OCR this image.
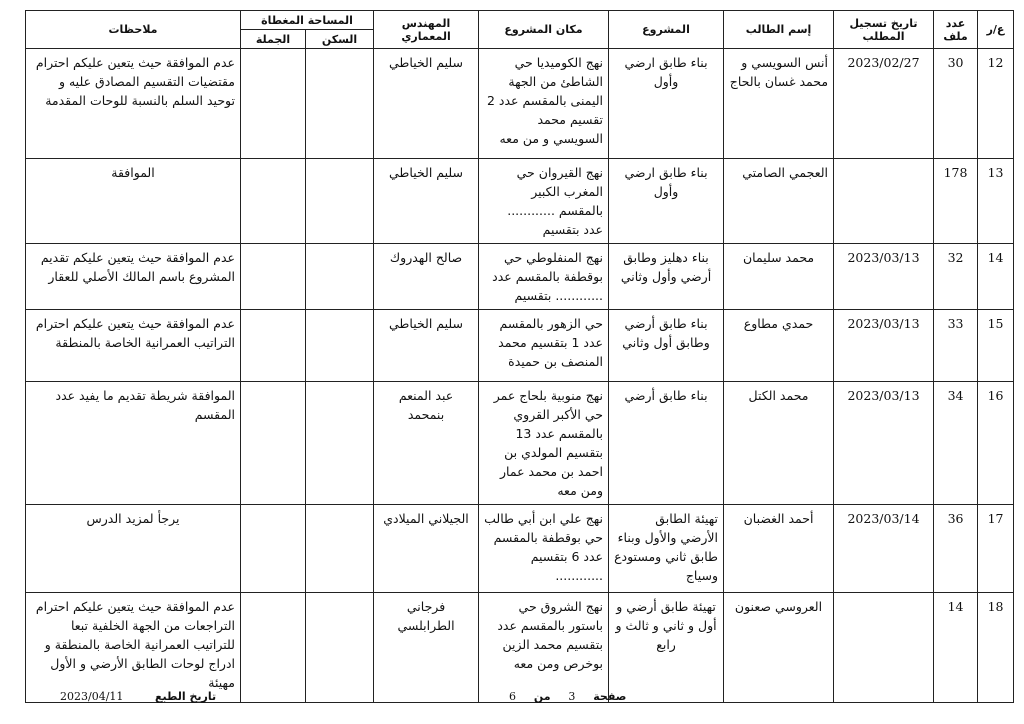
ع/ر	عدد ملف	تاريخ تسجيل المطلب	إسم الطالب	المشروع	مكان المشروع	المهندس المعماري	المساحة المغطاة		ملاحظات
							السكن	الجملة	
12	30	2023/02/27	أنس السويسي و محمد غسان بالحاج	بناء طابق ارضي وأول	نهج الكوميديا حي الشاطئ من الجهة اليمنى بالمقسم عدد 2 تقسيم محمد السويسي و من معه	سليم الخياطي			عدم الموافقة حيث يتعين عليكم احترام مقتضيات التقسيم المصادق عليه و توحيد السلم بالنسبة للوحات المقدمة
13	178		العجمي الصامتي	بناء طابق ارضي وأول	نهج القيروان حي المغرب الكبير بالمقسم ............ عدد بتقسيم	سليم الخياطي			الموافقة
14	32	2023/03/13	محمد سليمان	بناء دهليز وطابق أرضي وأول وثاني	نهج المنفلوطي حي بوقطفة بالمقسم عدد ............ بتقسيم	صالح الهدروك			عدم الموافقة حيث يتعين عليكم تقديم المشروع باسم المالك الأصلي للعقار
15	33	2023/03/13	حمدي مطاوع	بناء طابق أرضي وطابق أول وثاني	حي الزهور بالمقسم عدد 1 بتقسيم محمد المنصف بن حميدة	سليم الخياطي			عدم الموافقة حيث يتعين عليكم احترام التراتيب العمرانية الخاصة بالمنطقة
16	34	2023/03/13	محمد الكتل	بناء طابق أرضي	نهج منوبية بلحاج عمر حي الأكبر القروي بالمقسم عدد 13 بتقسيم المولدي بن احمد بن محمد عمار ومن معه	عبد المنعم بنمحمد			الموافقة شريطة تقديم ما يفيد عدد المقسم
17	36	2023/03/14	أحمد الغضبان	تهيئة الطابق الأرضي والأول وبناء طابق ثاني ومستودع وسياج	نهج علي ابن أبي طالب حي بوقطفة بالمقسم عدد 6 بتقسيم ............	الجيلاني الميلادي			يرجأ لمزيد الدرس
18	14		العروسي صعنون	تهيئة طابق أرضي و أول و ثاني و ثالث و رابع	نهج الشروق حي باستور بالمقسم عدد بتقسيم محمد الزين بوخرص ومن معه	فرجاني الطرابلسي			عدم الموافقة حيث يتعين عليكم احترام التراجعات من الجهة الخلفية تبعا للتراتيب العمرانية الخاصة بالمنطقة و ادراج لوحات الطابق الأرضي و الأول مهيئة
صفحة 3 من 6
تاريخ الطبع
2023/04/11
